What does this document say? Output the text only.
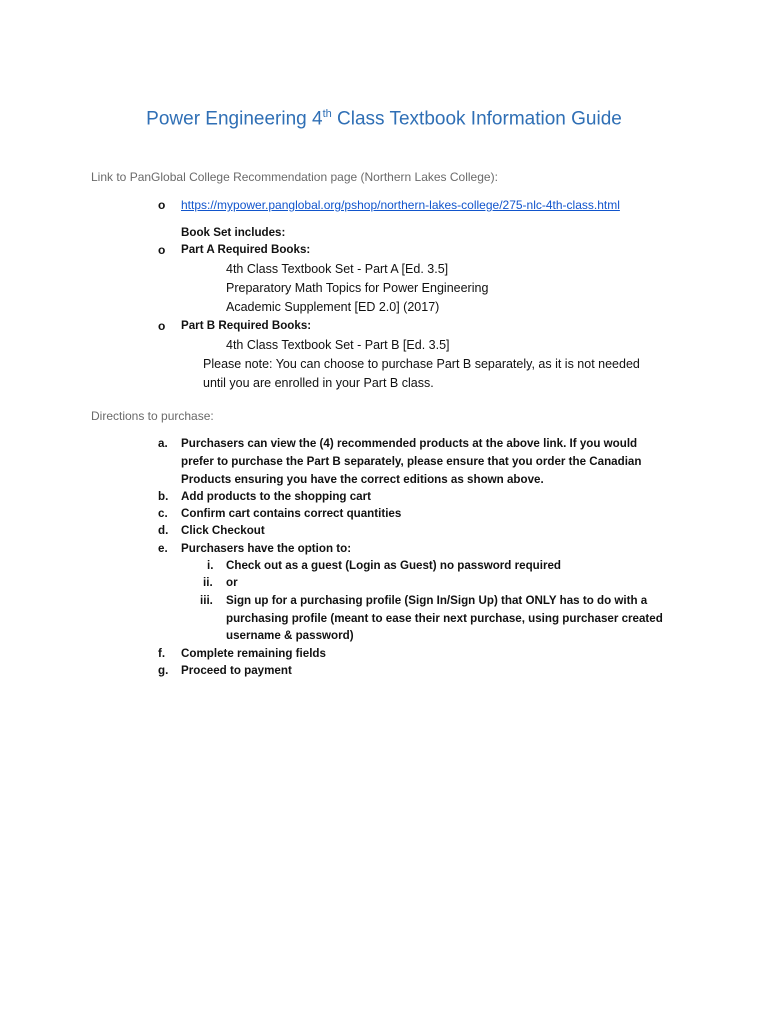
Power Engineering 4th Class Textbook Information Guide
Link to PanGlobal College Recommendation page (Northern Lakes College):
o https://mypower.panglobal.org/pshop/northern-lakes-college/275-nlc-4th-class.html
Book Set includes:
o Part A Required Books:
4th Class Textbook Set - Part A [Ed. 3.5]
Preparatory Math Topics for Power Engineering
Academic Supplement [ED 2.0] (2017)
o Part B Required Books:
4th Class Textbook Set - Part B [Ed. 3.5]
Please note: You can choose to purchase Part B separately, as it is not needed
until you are enrolled in your Part B class.
Directions to purchase:
a. Purchasers can view the (4) recommended products at the above link. If you would
prefer to purchase the Part B separately, please ensure that you order the Canadian
Products ensuring you have the correct editions as shown above.
b. Add products to the shopping cart
c. Confirm cart contains correct quantities
d. Click Checkout
e. Purchasers have the option to:
i. Check out as a guest (Login as Guest) no password required
ii. or
iii. Sign up for a purchasing profile (Sign In/Sign Up) that ONLY has to do with a
purchasing profile (meant to ease their next purchase, using purchaser created
username & password)
f. Complete remaining fields
g. Proceed to payment
